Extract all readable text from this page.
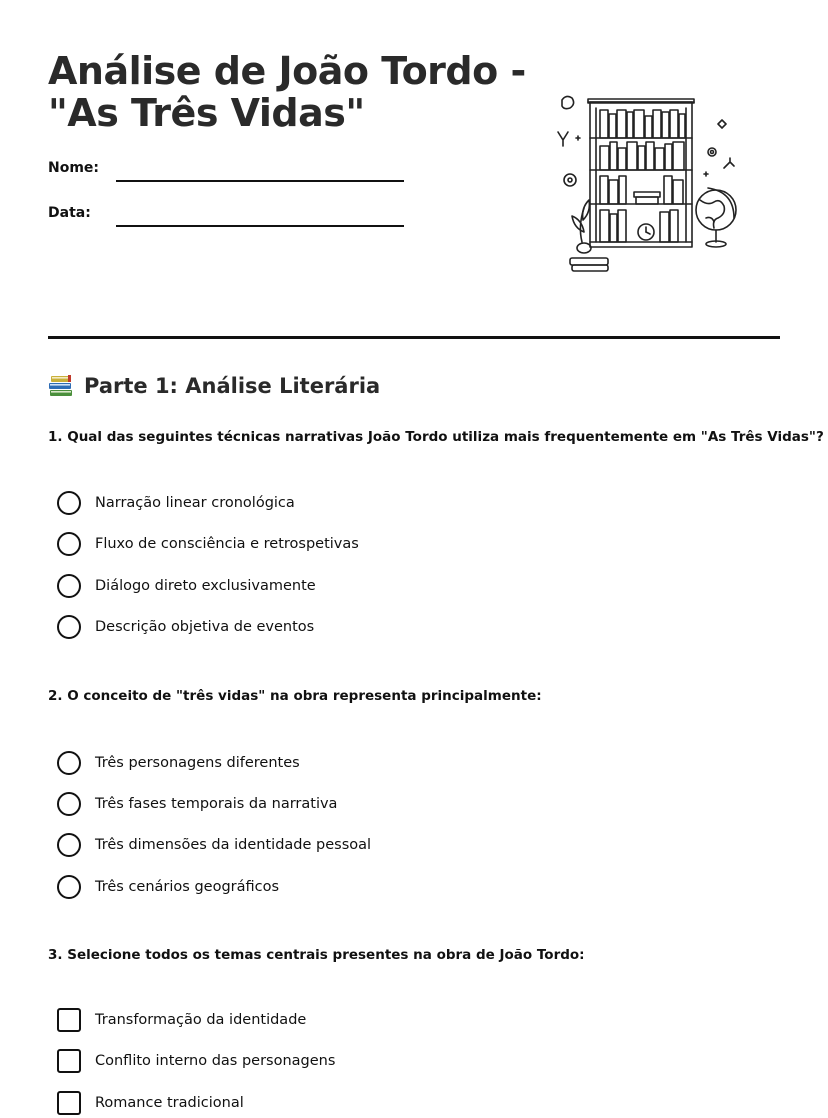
Análise de João Tordo -
"As Três Vidas"
Nome:
Data:
Parte 1: Análise Literária
1. Qual das seguintes técnicas narrativas João Tordo utiliza mais frequentemente em "As Três Vidas"?
Narração linear cronológica
Fluxo de consciência e retrospetivas
Diálogo direto exclusivamente
Descrição objetiva de eventos
2. O conceito de "três vidas" na obra representa principalmente:
Três personagens diferentes
Três fases temporais da narrativa
Três dimensões da identidade pessoal
Três cenários geográficos
3. Selecione todos os temas centrais presentes na obra de João Tordo:
Transformação da identidade
Conflito interno das personagens
Romance tradicional
